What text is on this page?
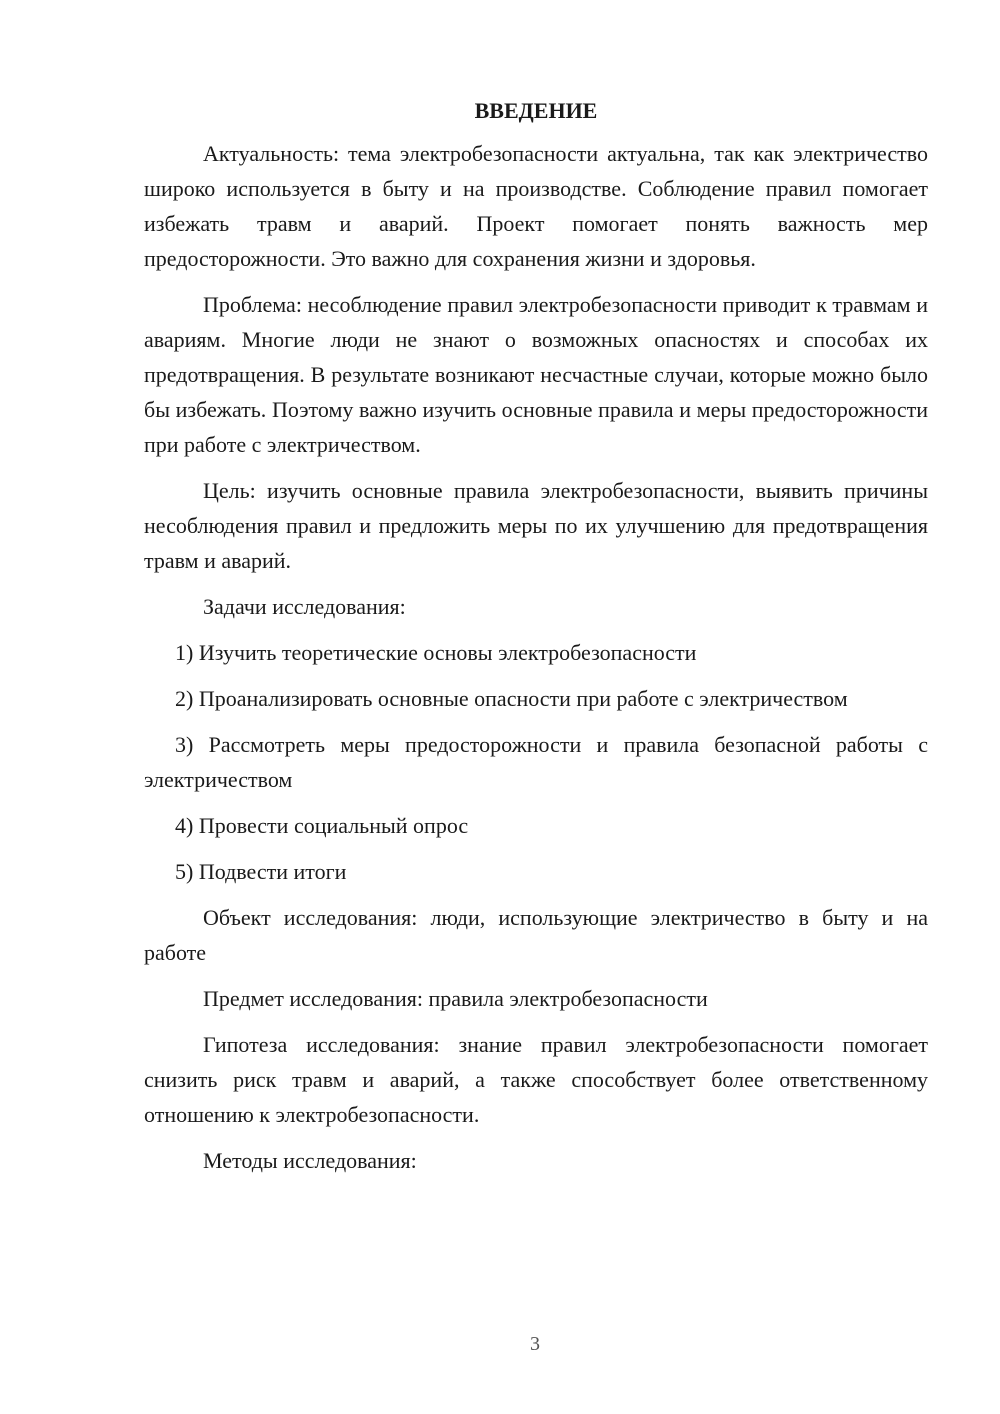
ВВЕДЕНИЕ

Актуальность: тема электробезопасности актуальна, так как электричество широко используется в быту и на производстве. Соблюдение правил помогает избежать травм и аварий. Проект помогает понять важность мер предосторожности. Это важно для сохранения жизни и здоровья.

Проблема: несоблюдение правил электробезопасности приводит к травмам и авариям. Многие люди не знают о возможных опасностях и способах их предотвращения. В результате возникают несчастные случаи, которые можно было бы избежать. Поэтому важно изучить основные правила и меры предосторожности при работе с электричеством.

Цель: изучить основные правила электробезопасности, выявить причины несоблюдения правил и предложить меры по их улучшению для предотвращения травм и аварий.

Задачи исследования:

1) Изучить теоретические основы электробезопасности

2) Проанализировать основные опасности при работе с электричеством

3) Рассмотреть меры предосторожности и правила безопасной работы с электричеством

4) Провести социальный опрос

5) Подвести итоги

Объект исследования: люди, использующие электричество в быту и на работе

Предмет исследования: правила электробезопасности

Гипотеза исследования: знание правил электробезопасности помогает снизить риск травм и аварий, а также способствует более ответственному отношению к электробезопасности.

Методы исследования:

3
